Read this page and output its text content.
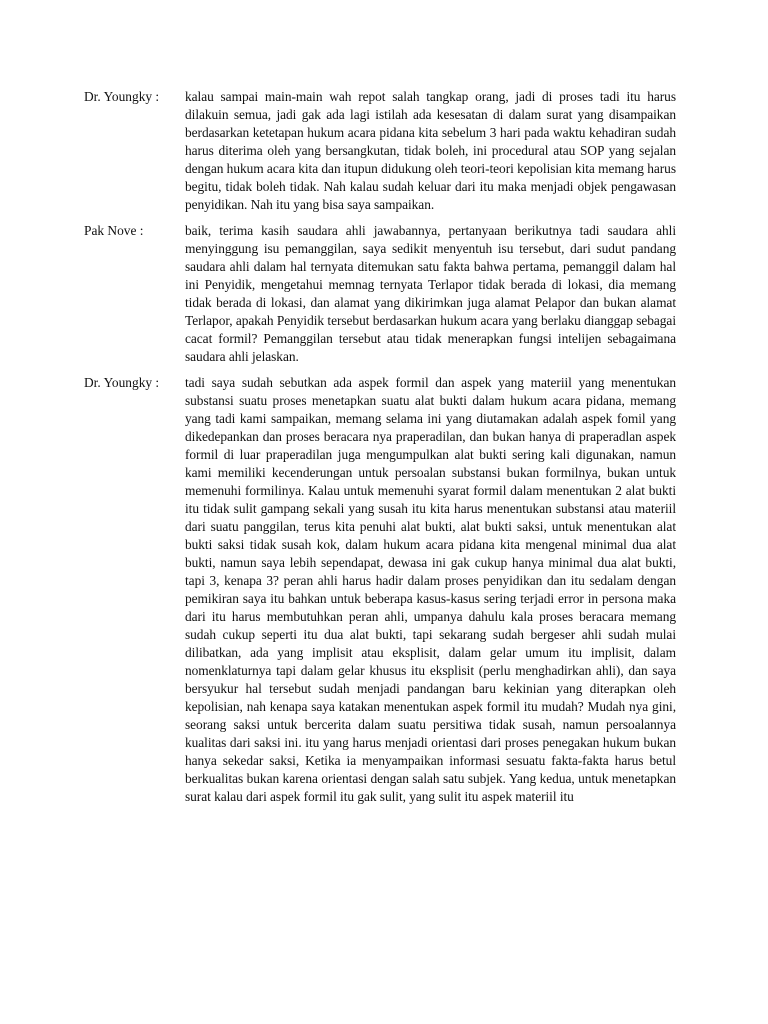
Dr. Youngky :	kalau sampai main-main wah repot salah tangkap orang, jadi di proses tadi itu harus dilakuin semua, jadi gak ada lagi istilah ada kesesatan di dalam surat yang disampaikan berdasarkan ketetapan hukum acara pidana kita sebelum 3 hari pada waktu kehadiran sudah harus diterima oleh yang bersangkutan, tidak boleh, ini procedural atau SOP yang sejalan dengan hukum acara kita dan itupun didukung oleh teori-teori kepolisian kita memang harus begitu, tidak boleh tidak. Nah kalau sudah keluar dari itu maka menjadi objek pengawasan penyidikan. Nah itu yang bisa saya sampaikan.
Pak Nove :	baik, terima kasih saudara ahli jawabannya, pertanyaan berikutnya tadi saudara ahli menyinggung isu pemanggilan, saya sedikit menyentuh isu tersebut, dari sudut pandang saudara ahli dalam hal ternyata ditemukan satu fakta bahwa pertama, pemanggil dalam hal ini Penyidik, mengetahui memnag ternyata Terlapor tidak berada di lokasi, dia memang tidak berada di lokasi, dan alamat yang dikirimkan juga alamat Pelapor dan bukan alamat Terlapor, apakah Penyidik tersebut berdasarkan hukum acara yang berlaku dianggap sebagai cacat formil? Pemanggilan tersebut atau tidak menerapkan fungsi intelijen sebagaimana saudara ahli jelaskan.
Dr. Youngky :	tadi saya sudah sebutkan ada aspek formil dan aspek yang materiil yang menentukan substansi suatu proses menetapkan suatu alat bukti dalam hukum acara pidana, memang yang tadi kami sampaikan, memang selama ini yang diutamakan adalah aspek fomil yang dikedepankan dan proses beracara nya praperadilan, dan bukan hanya di praperadlan aspek formil di luar praperadilan juga mengumpulkan alat bukti sering kali digunakan, namun kami memiliki kecenderungan untuk persoalan substansi bukan formilnya, bukan untuk memenuhi formilinya. Kalau untuk memenuhi syarat formil dalam menentukan 2 alat bukti itu tidak sulit gampang sekali yang susah itu kita harus menentukan substansi atau materiil dari suatu panggilan, terus kita penuhi alat bukti, alat bukti saksi, untuk menentukan alat bukti saksi tidak susah kok, dalam hukum acara pidana kita mengenal minimal dua alat bukti, namun saya lebih sependapat, dewasa ini gak cukup hanya minimal dua alat bukti, tapi 3, kenapa 3? peran ahli harus hadir dalam proses penyidikan dan itu sedalam dengan pemikiran saya itu bahkan untuk beberapa kasus-kasus sering terjadi error in persona maka dari itu harus membutuhkan peran ahli, umpanya dahulu kala proses beracara memang sudah cukup seperti itu dua alat bukti, tapi sekarang sudah bergeser ahli sudah mulai dilibatkan, ada yang implisit atau eksplisit, dalam gelar umum itu implisit, dalam nomenklaturnya tapi dalam gelar khusus itu eksplisit (perlu menghadirkan ahli), dan saya bersyukur hal tersebut sudah menjadi pandangan baru kekinian yang diterapkan oleh kepolisian, nah kenapa saya katakan menentukan aspek formil itu mudah? Mudah nya gini, seorang saksi untuk bercerita dalam suatu persitiwa tidak susah, namun persoalannya kualitas dari saksi ini. itu yang harus menjadi orientasi dari proses penegakan hukum bukan hanya sekedar saksi, Ketika ia menyampaikan informasi sesuatu fakta-fakta harus betul berkualitas bukan karena orientasi dengan salah satu subjek. Yang kedua, untuk menetapkan surat kalau dari aspek formil itu gak sulit, yang sulit itu aspek materiil itu
